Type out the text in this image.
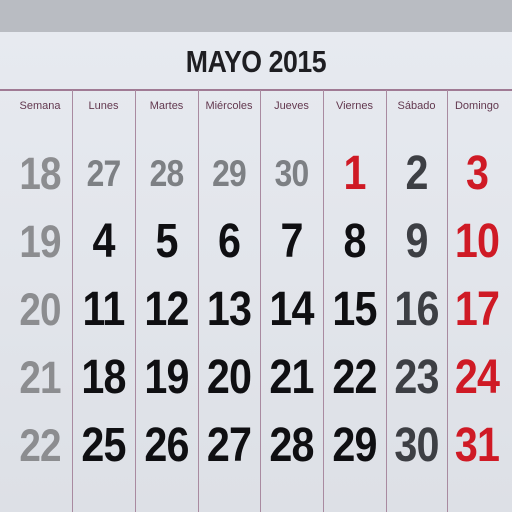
MAYO 2015
Semana
18
19
20
21
22
Lunes
27
4
11
18
25
Martes
28
5
12
19
26
Miércoles
29
6
13
20
27
Jueves
30
7
14
21
28
Viernes
1
8
15
22
29
Sábado
2
9
16
23
30
Domingo
3
10
17
24
31
